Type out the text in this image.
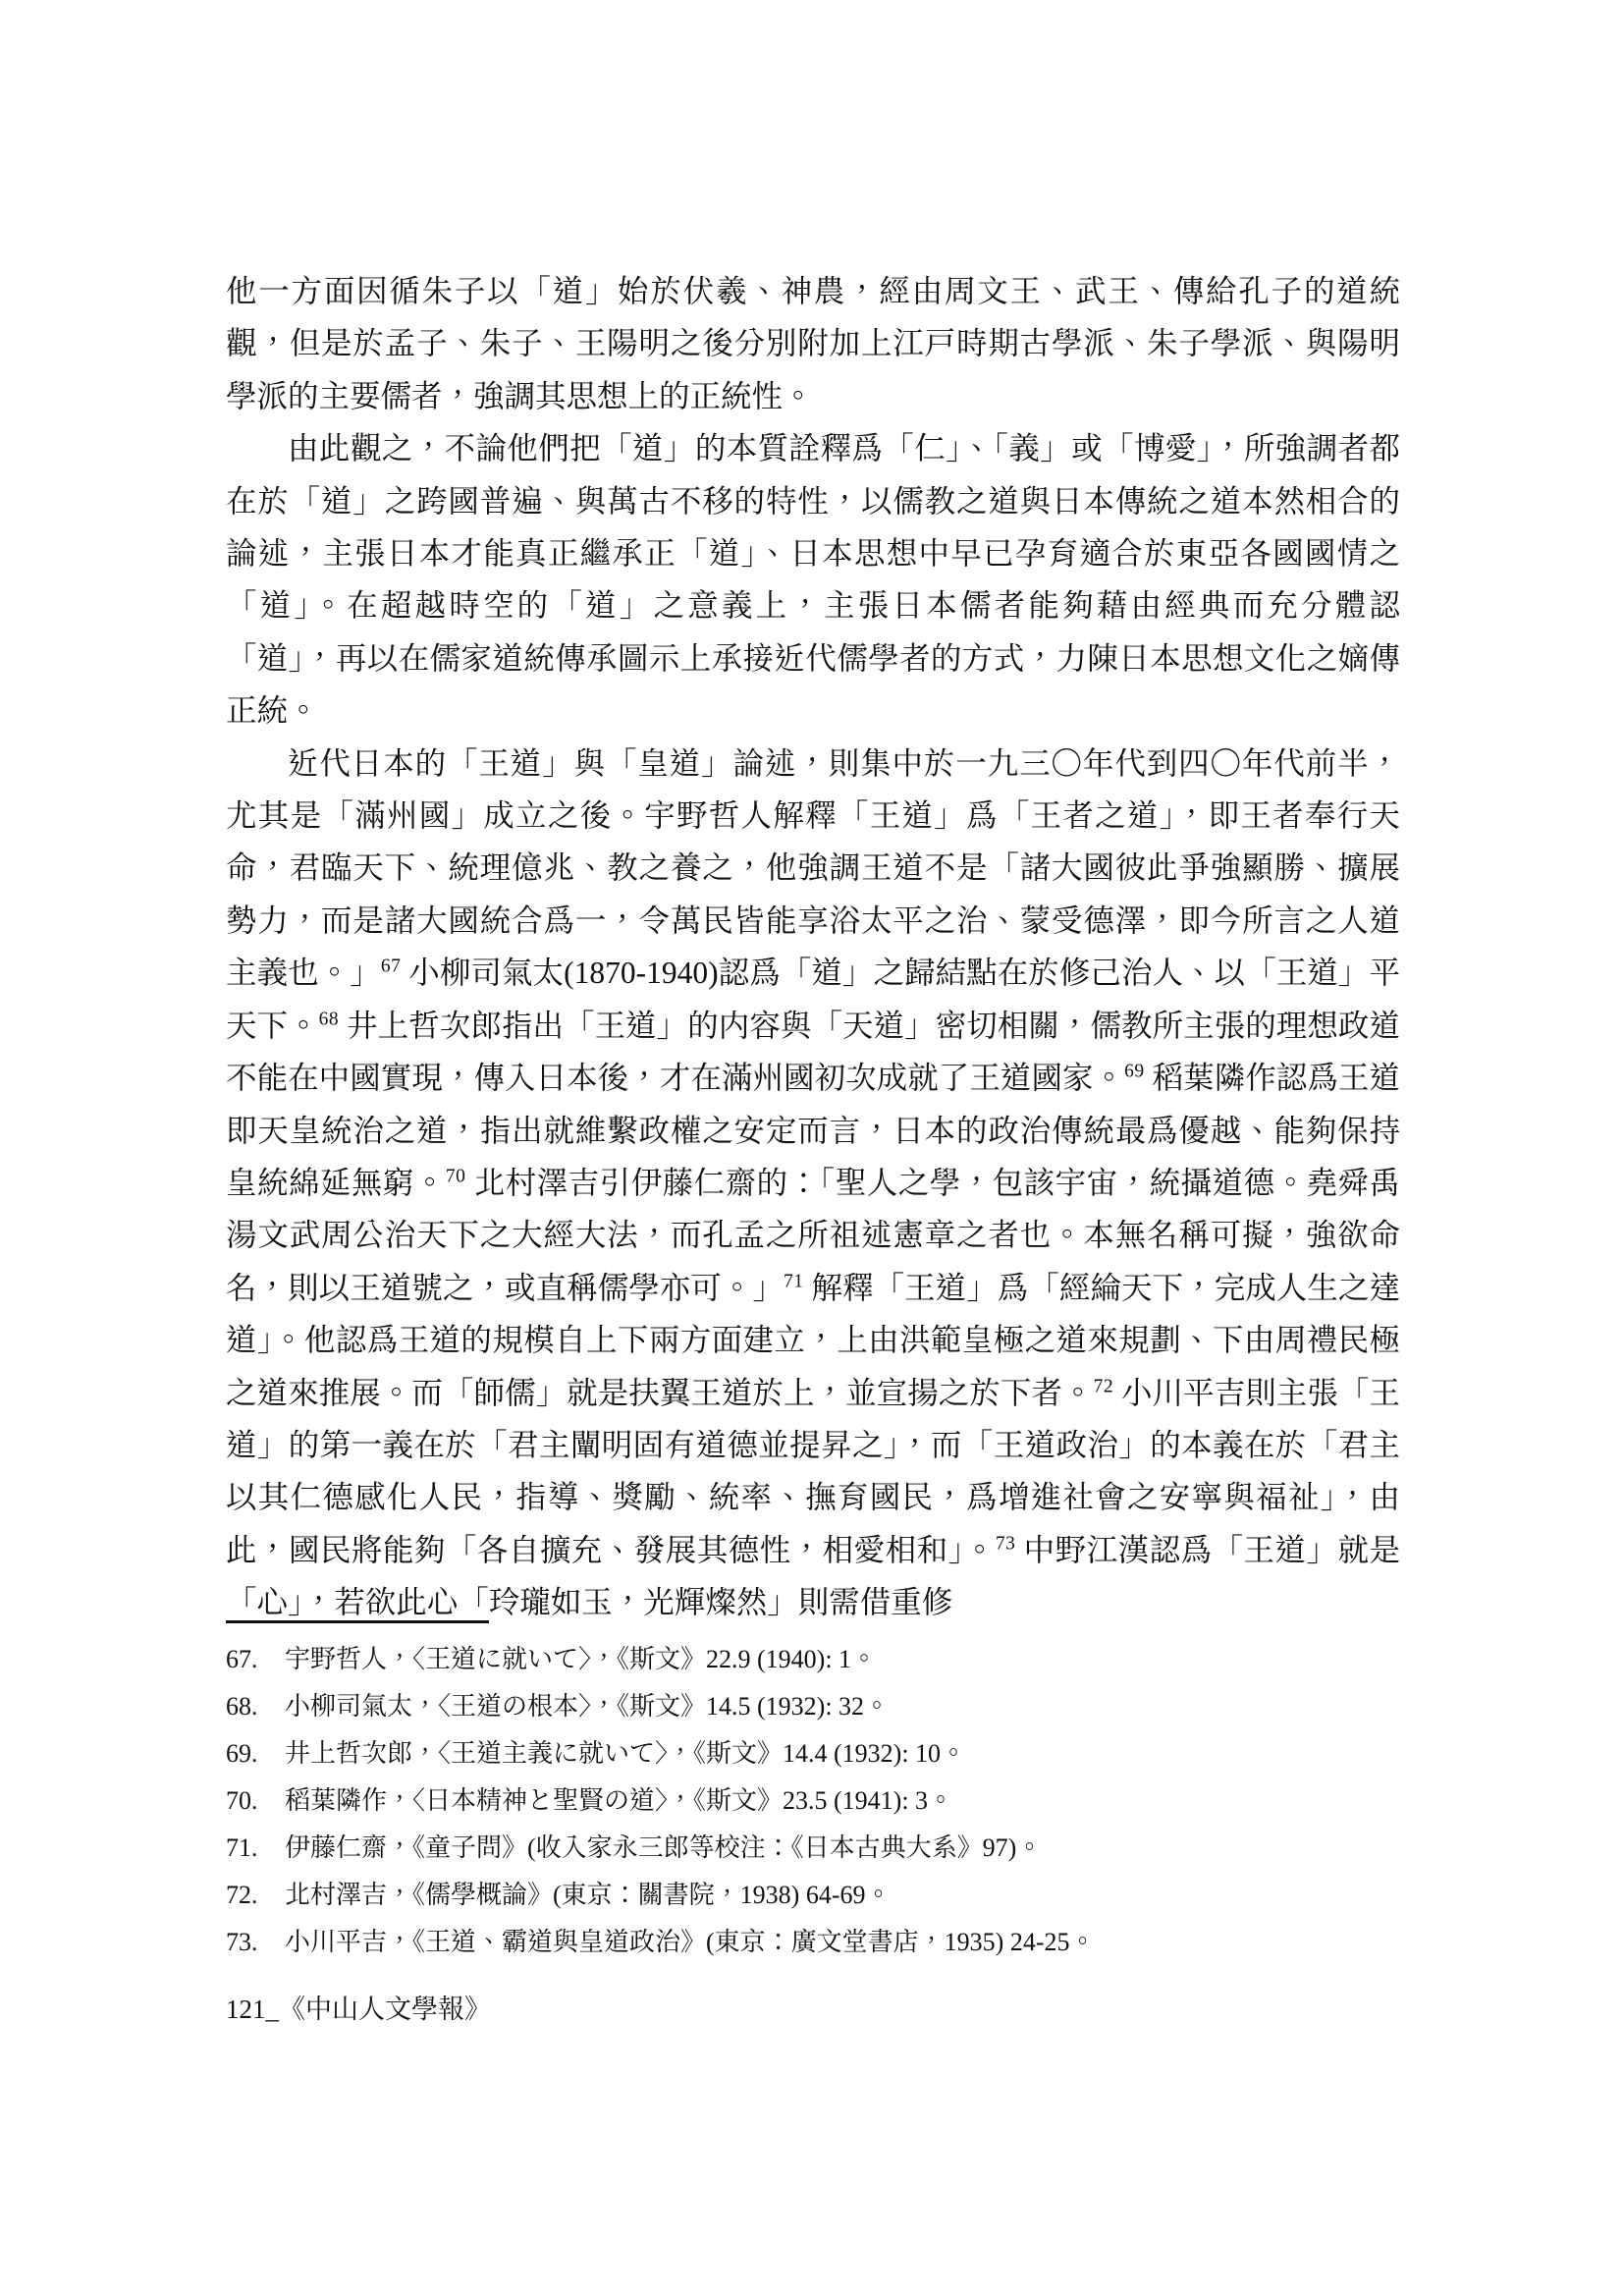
他一方面因循朱子以「道」始於伏羲、神農，經由周文王、武王、傳給孔子的道統觀，但是於孟子、朱子、王陽明之後分別附加上江戸時期古學派、朱子學派、與陽明學派的主要儒者，強調其思想上的正統性。

由此觀之，不論他們把「道」的本質詮釋爲「仁」、「義」或「博愛」，所強調者都在於「道」之跨國普遍、與萬古不移的特性，以儒教之道與日本傳統之道本然相合的論述，主張日本才能真正繼承正「道」、日本思想中早已孕育適合於東亞各國國情之「道」。在超越時空的「道」之意義上，主張日本儒者能夠藉由經典而充分體認「道」，再以在儒家道統傳承圖示上承接近代儒學者的方式，力陳日本思想文化之嫡傳正統。

近代日本的「王道」與「皇道」論述，則集中於一九三〇年代到四〇年代前半，尤其是「滿州國」成立之後。宇野哲人解釋「王道」爲「王者之道」，即王者奉行天命，君臨天下、統理億兆、教之養之，他強調王道不是「諸大國彼此爭強顯勝、擴展勢力，而是諸大國統合爲一，令萬民皆能享浴太平之治、蒙受德澤，即今所言之人道主義也。」$^{67}$ 小柳司氣太(1870-1940)認爲「道」之歸結點在於修己治人、以「王道」平天下。$^{68}$ 井上哲次郎指出「王道」的内容與「天道」密切相關，儒教所主張的理想政道不能在中國實現，傳入日本後，才在滿州國初次成就了王道國家。$^{69}$ 稻葉隣作認爲王道即天皇統治之道，指出就維繫政權之安定而言，日本的政治傳統最爲優越、能夠保持皇統綿延無窮。$^{70}$ 北村澤吉引伊藤仁齋的：「聖人之學，包該宇宙，統攝道德。堯舜禹湯文武周公治天下之大經大法，而孔孟之所祖述憲章之者也。本無名稱可擬，強欲命名，則以王道號之，或直稱儒學亦可。」$^{71}$ 解釋「王道」爲「經綸天下，完成人生之達道」。他認爲王道的規模自上下兩方面建立，上由洪範皇極之道來規劃、下由周禮民極之道來推展。而「師儒」就是扶翼王道於上，並宣揚之於下者。$^{72}$ 小川平吉則主張「王道」的第一義在於「君主闡明固有道德並提昇之」，而「王道政治」的本義在於「君主以其仁德感化人民，指導、獎勵、統率、撫育國民，爲增進社會之安寧與福祉」，由此，國民將能夠「各自擴充、發展其德性，相愛相和」。$^{73}$ 中野江漢認爲「王道」就是「心」，若欲此心「玲瓏如玉，光輝燦然」則需借重修

67.	宇野哲人，〈王道に就いて〉，《斯文》22.9 (1940): 1。
68.	小柳司氣太，〈王道の根本〉，《斯文》14.5 (1932): 32。
69.	井上哲次郎，〈王道主義に就いて〉，《斯文》14.4 (1932): 10。
70.	稻葉隣作，〈日本精神と聖賢の道〉，《斯文》23.5 (1941): 3。
71.	伊藤仁齋，《童子問》(收入家永三郎等校注：《日本古典大系》97)。
72.	北村澤吉，《儒學概論》(東京：關書院，1938) 64-69。
73.	小川平吉，《王道、霸道與皇道政治》(東京：廣文堂書店，1935) 24-25。
121_《中山人文學報》
